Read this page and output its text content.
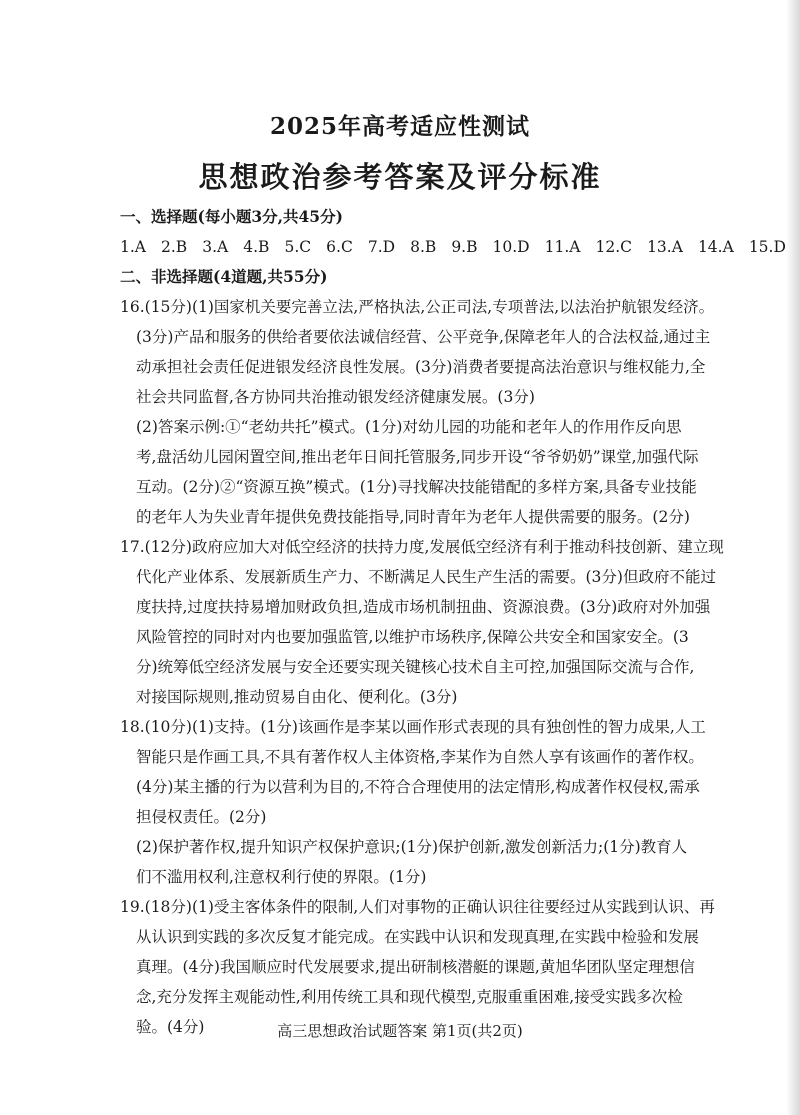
2025年高考适应性测试
思想政治参考答案及评分标准
一、选择题(每小题3分,共45分)
1.A 2.B 3.A 4.B 5.C 6.C 7.D 8.B 9.B 10.D 11.A 12.C 13.A 14.A 15.D
二、非选择题(4道题,共55分)
16.(15分)(1)国家机关要完善立法,严格执法,公正司法,专项普法,以法治护航银发经济。
(3分)产品和服务的供给者要依法诚信经营、公平竞争,保障老年人的合法权益,通过主
动承担社会责任促进银发经济良性发展。(3分)消费者要提高法治意识与维权能力,全
社会共同监督,各方协同共治推动银发经济健康发展。(3分)
(2)答案示例:①“老幼共托”模式。(1分)对幼儿园的功能和老年人的作用作反向思
考,盘活幼儿园闲置空间,推出老年日间托管服务,同步开设“爷爷奶奶”课堂,加强代际
互动。(2分)②“资源互换”模式。(1分)寻找解决技能错配的多样方案,具备专业技能
的老年人为失业青年提供免费技能指导,同时青年为老年人提供需要的服务。(2分)
17.(12分)政府应加大对低空经济的扶持力度,发展低空经济有利于推动科技创新、建立现
代化产业体系、发展新质生产力、不断满足人民生产生活的需要。(3分)但政府不能过
度扶持,过度扶持易增加财政负担,造成市场机制扭曲、资源浪费。(3分)政府对外加强
风险管控的同时对内也要加强监管,以维护市场秩序,保障公共安全和国家安全。(3
分)统筹低空经济发展与安全还要实现关键核心技术自主可控,加强国际交流与合作,
对接国际规则,推动贸易自由化、便利化。(3分)
18.(10分)(1)支持。(1分)该画作是李某以画作形式表现的具有独创性的智力成果,人工
智能只是作画工具,不具有著作权人主体资格,李某作为自然人享有该画作的著作权。
(4分)某主播的行为以营利为目的,不符合合理使用的法定情形,构成著作权侵权,需承
担侵权责任。(2分)
(2)保护著作权,提升知识产权保护意识;(1分)保护创新,激发创新活力;(1分)教育人
们不滥用权利,注意权利行使的界限。(1分)
19.(18分)(1)受主客体条件的限制,人们对事物的正确认识往往要经过从实践到认识、再
从认识到实践的多次反复才能完成。在实践中认识和发现真理,在实践中检验和发展
真理。(4分)我国顺应时代发展要求,提出研制核潜艇的课题,黄旭华团队坚定理想信
念,充分发挥主观能动性,利用传统工具和现代模型,克服重重困难,接受实践多次检
验。(4分)	高三思想政治试题答案 第1页(共2页)
